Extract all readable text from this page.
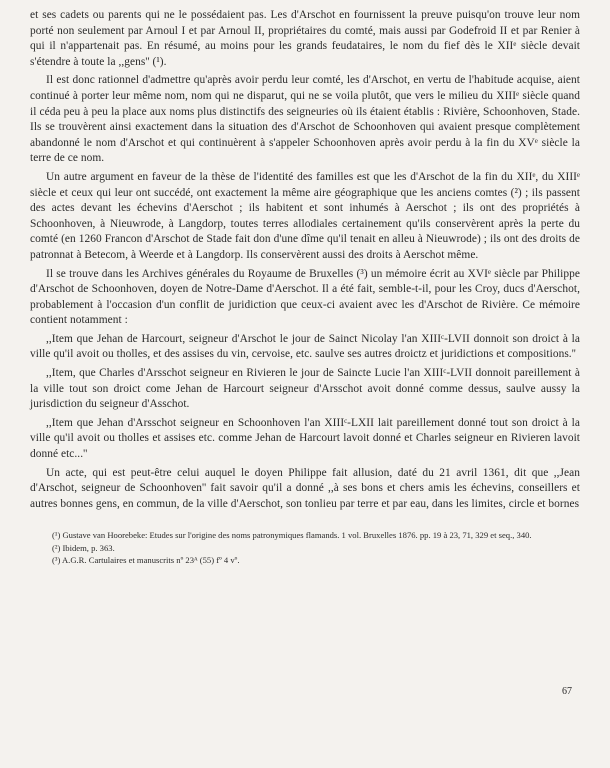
et ses cadets ou parents qui ne le possédaient pas. Les d'Arschot en fournissent la preuve puisqu'on trouve leur nom porté non seulement par Arnoul I et par Arnoul II, propriétaires du comté, mais aussi par Godefroid II et par Renier à qui il n'appartenait pas. En résumé, au moins pour les grands feudataires, le nom du fief dès le XIIᵉ siècle devait s'étendre à toute la ,,gens'' (¹).

Il est donc rationnel d'admettre qu'après avoir perdu leur comté, les d'Arschot, en vertu de l'habitude acquise, aient continué à porter leur même nom, nom qui ne disparut, qui ne se voila plutôt, que vers le milieu du XIIIᵉ siècle quand il céda peu à peu la place aux noms plus distinctifs des seigneuries où ils étaient établis : Rivière, Schoonhoven, Stade. Ils se trouvèrent ainsi exactement dans la situation des d'Arschot de Schoonhoven qui avaient presque complètement abandonné le nom d'Arschot et qui continuèrent à s'appeler Schoonhoven après avoir perdu à la fin du XVᵉ siècle la terre de ce nom.

Un autre argument en faveur de la thèse de l'identité des familles est que les d'Arschot de la fin du XIIᵉ, du XIIIᵉ siècle et ceux qui leur ont succédé, ont exactement la même aire géographique que les anciens comtes (²) ; ils passent des actes devant les échevins d'Aerschot ; ils habitent et sont inhumés à Aerschot ; ils ont des propriétés à Schoonhoven, à Nieuwrode, à Langdorp, toutes terres allodiales certainement qu'ils conservèrent après la perte du comté (en 1260 Francon d'Arschot de Stade fait don d'une dîme qu'il tenait en alleu à Nieuwrode) ; ils ont des droits de patronnat à Betecom, à Weerde et à Langdorp. Ils conservèrent aussi des droits à Aerschot même.

Il se trouve dans les Archives générales du Royaume de Bruxelles (³) un mémoire écrit au XVIᵉ siècle par Philippe d'Arschot de Schoonhoven, doyen de Notre-Dame d'Aerschot. Il a été fait, semble-t-il, pour les Croy, ducs d'Aerschot, probablement à l'occasion d'un conflit de juridiction que ceux-ci avaient avec les d'Arschot de Rivière. Ce mémoire contient notamment :

,,Item que Jehan de Harcourt, seigneur d'Arschot le jour de Sainct Nicolay l'an XIIIᶜ-LVII donnoit son droict à la ville qu'il avoit ou tholles, et des assises du vin, cervoise, etc. saulve ses autres droictz et juridictions et compositions.''

,,Item, que Charles d'Arsschot seigneur en Rivieren le jour de Saincte Lucie l'an XIIIᶜ-LVII donnoit pareillement à la ville tout son droict come Jehan de Harcourt seigneur d'Arsschot avoit donné comme dessus, saulve aussy la jurisdiction du seigneur d'Asschot.

,,Item que Jehan d'Arsschot seigneur en Schoonhoven l'an XIIIᶜ-LXII lait pareillement donné tout son droict à la ville qu'il avoit ou tholles et assises etc. comme Jehan de Harcourt lavoit donné et Charles seigneur en Rivieren lavoit donné etc...''

Un acte, qui est peut-être celui auquel le doyen Philippe fait allusion, daté du 21 avril 1361, dit que ,,Jean d'Arschot, seigneur de Schoonhoven'' fait savoir qu'il a donné ,,à ses bons et chers amis les échevins, conseillers et autres bonnes gens, en commun, de la ville d'Aerschot, son tonlieu par terre et par eau, dans les limites, circle et bornes

(¹) Gustave van Hoorebeke: Etudes sur l'origine des noms patronymiques flamands. 1 vol. Bruxelles 1876. pp. 19 à 23, 71, 329 et seq., 340.

(²) Ibidem, p. 363.

(³) A.G.R. Cartulaires et manuscrits nº 23ᴬ (55) fº 4 vº.

67
